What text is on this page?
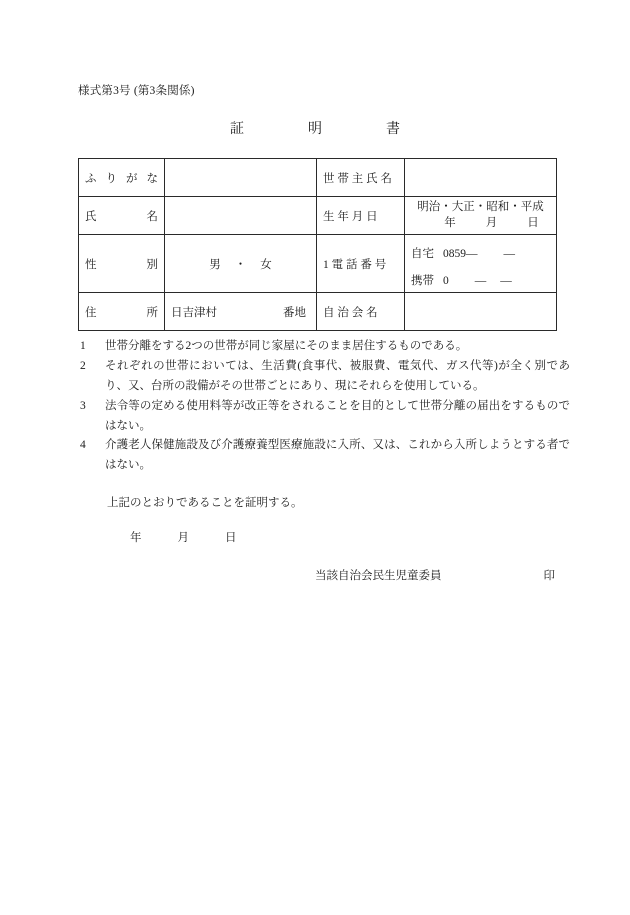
様式第3号 (第3条関係)
証	明	書
ふ り が な		世 帯 主 氏 名	

氏 名		生 年 月 日	明治・大正・昭和・平成
年 月 日

性 別	男 ・ 女	1 電 話 番 号	自宅 0859— —
携帯 0 — —

住 所	日吉津村 番地	自 治 会 名	
1	世帯分離をする2つの世帯が同じ家屋にそのまま居住するものである。
2	それぞれの世帯においては、生活費(食事代、被服費、電気代、ガス代等)が全く別であり、又、台所の設備がその世帯ごとにあり、現にそれらを使用している。
3	法令等の定める使用料等が改正等をされることを目的として世帯分離の届出をするものではない。
4	介護老人保健施設及び介護療養型医療施設に入所、又は、これから入所しようとする者ではない。
上記のとおりであることを証明する。
年	月	日
当該自治会民生児童委員	印
